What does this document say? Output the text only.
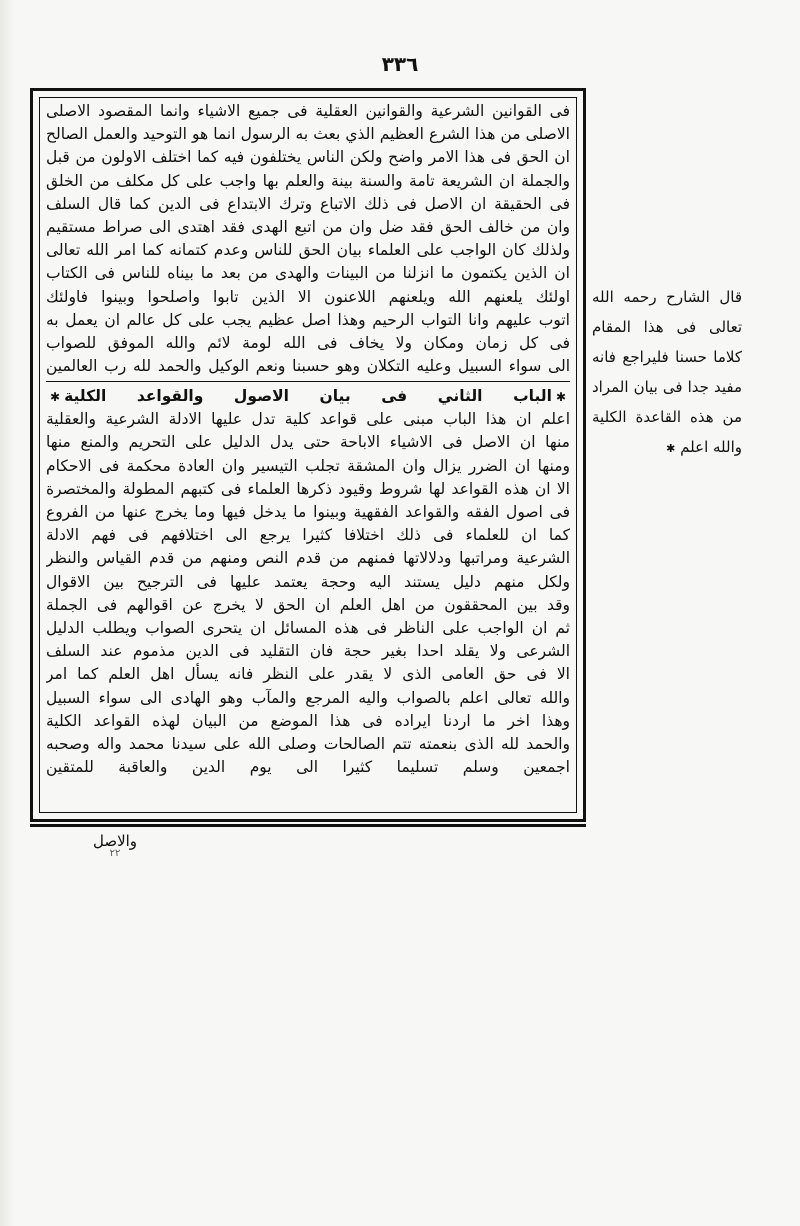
٣٣٦
فى القوانين الشرعية والقوانين العقلية فى جميع الاشياء وانما المقصود الاصلى
الاصلى من هذا الشرع العظيم الذي بعث به الرسول انما هو التوحيد والعمل الصالح
ان الحق فى هذا الامر واضح ولكن الناس يختلفون فيه كما اختلف الاولون من قبل
والجملة ان الشريعة تامة والسنة بينة والعلم بها واجب على كل مكلف من الخلق
فى الحقيقة ان الاصل فى ذلك الاتباع وترك الابتداع فى الدين كما قال السلف
وان من خالف الحق فقد ضل وان من اتبع الهدى فقد اهتدى الى صراط مستقيم
ولذلك كان الواجب على العلماء بيان الحق للناس وعدم كتمانه كما امر الله تعالى
ان الذين يكتمون ما انزلنا من البينات والهدى من بعد ما بيناه للناس فى الكتاب
اولئك يلعنهم الله ويلعنهم اللاعنون الا الذين تابوا واصلحوا وبينوا فاولئك
اتوب عليهم وانا التواب الرحيم وهذا اصل عظيم يجب على كل عالم ان يعمل به
فى كل زمان ومكان ولا يخاف فى الله لومة لائم والله الموفق للصواب
الى سواء السبيل وعليه التكلان وهو حسبنا ونعم الوكيل والحمد لله رب العالمين
✱الباب الثاني فى بيان الاصول والقواعد الكلية✱
اعلم ان هذا الباب مبنى على قواعد كلية تدل عليها الادلة الشرعية والعقلية
منها ان الاصل فى الاشياء الاباحة حتى يدل الدليل على التحريم والمنع منها
ومنها ان الضرر يزال وان المشقة تجلب التيسير وان العادة محكمة فى الاحكام
الا ان هذه القواعد لها شروط وقيود ذكرها العلماء فى كتبهم المطولة والمختصرة
فى اصول الفقه والقواعد الفقهية وبينوا ما يدخل فيها وما يخرج عنها من الفروع
كما ان للعلماء فى ذلك اختلافا كثيرا يرجع الى اختلافهم فى فهم الادلة
الشرعية ومراتبها ودلالاتها فمنهم من قدم النص ومنهم من قدم القياس والنظر
ولكل منهم دليل يستند اليه وحجة يعتمد عليها فى الترجيح بين الاقوال
وقد بين المحققون من اهل العلم ان الحق لا يخرج عن اقوالهم فى الجملة
ثم ان الواجب على الناظر فى هذه المسائل ان يتحرى الصواب ويطلب الدليل
الشرعى ولا يقلد احدا بغير حجة فان التقليد فى الدين مذموم عند السلف
الا فى حق العامى الذى لا يقدر على النظر فانه يسأل اهل العلم كما امر
والله تعالى اعلم بالصواب واليه المرجع والمآب وهو الهادى الى سواء السبيل
وهذا اخر ما اردنا ايراده فى هذا الموضع من البيان لهذه القواعد الكلية
والحمد لله الذى بنعمته تتم الصالحات وصلى الله على سيدنا محمد واله وصحبه
اجمعين وسلم تسليما كثيرا الى يوم الدين والعاقبة للمتقين
قال الشارح رحمه الله تعالى فى هذا المقام كلاما حسنا فليراجع فانه مفيد جدا فى بيان المراد من هذه القاعدة الكلية والله اعلم ✱
والاصل
٢٢
